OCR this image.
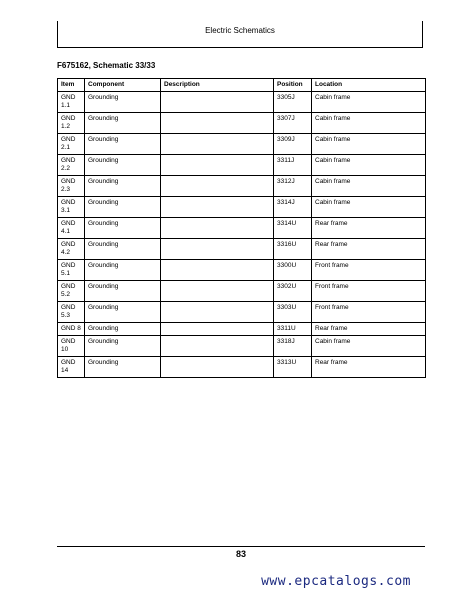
Electric Schematics
F675162, Schematic 33/33
Item	Component	Description	Position	Location
GND 1.1	Grounding		3305J	Cabin frame
GND 1.2	Grounding		3307J	Cabin frame
GND 2.1	Grounding		3309J	Cabin frame
GND 2.2	Grounding		3311J	Cabin frame
GND 2.3	Grounding		3312J	Cabin frame
GND 3.1	Grounding		3314J	Cabin frame
GND 4.1	Grounding		3314U	Rear frame
GND 4.2	Grounding		3316U	Rear frame
GND 5.1	Grounding		3300U	Front frame
GND 5.2	Grounding		3302U	Front frame
GND 5.3	Grounding		3303U	Front frame
GND 8	Grounding		3311U	Rear frame
GND 10	Grounding		3318J	Cabin frame
GND 14	Grounding		3313U	Rear frame
83
www.epcatalogs.com
